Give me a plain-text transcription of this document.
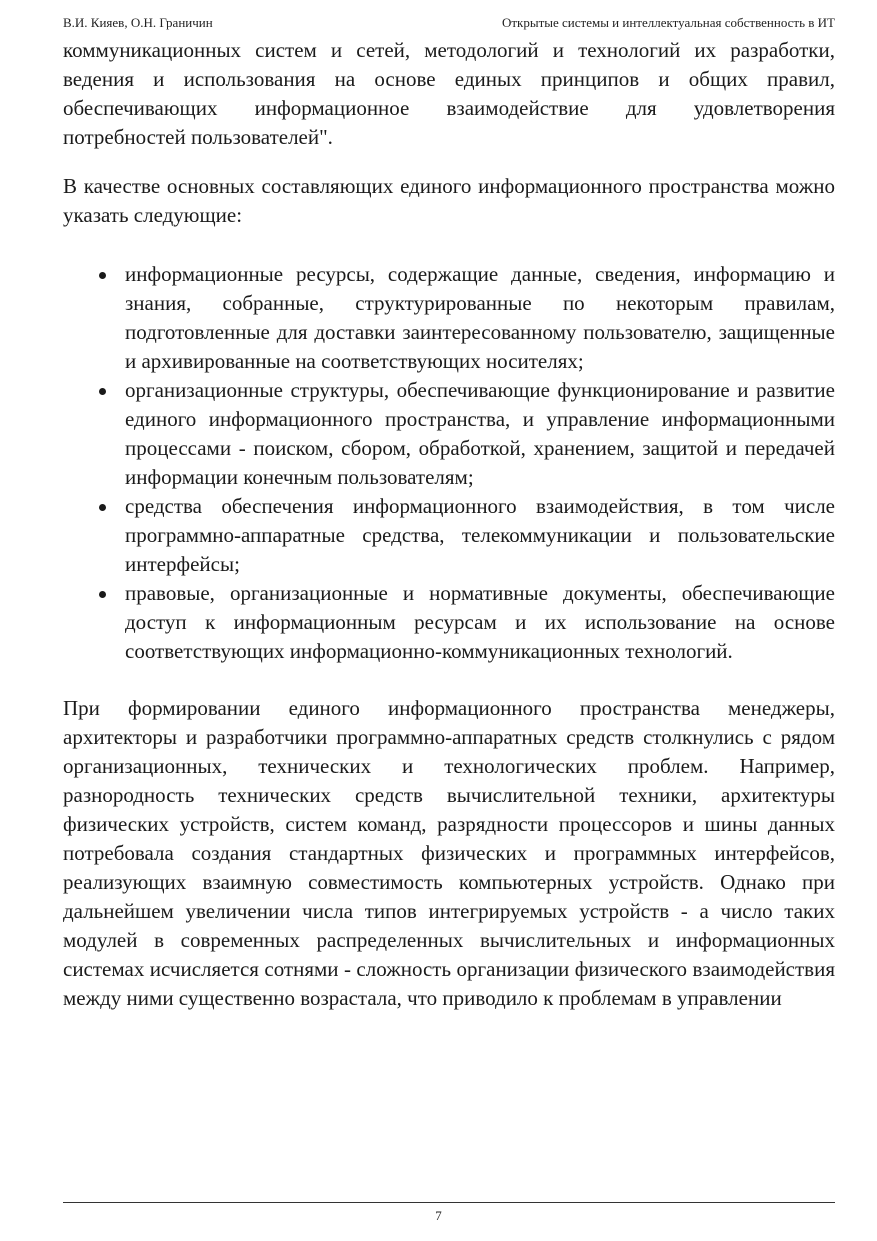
В.И. Кияев, О.Н. Граничин	Открытые системы и интеллектуальная собственность в ИТ

коммуникационных систем и сетей, методологий и технологий их разработки, ведения и использования на основе единых принципов и общих правил, обеспечивающих информационное взаимодействие для удовлетворения потребностей пользователей".

В качестве основных составляющих единого информационного пространства можно указать следующие:

информационные ресурсы, содержащие данные, сведения, информацию и знания, собранные, структурированные по некоторым правилам, подготовленные для доставки заинтересованному пользователю, защищенные и архивированные на соответствующих носителях;
организационные структуры, обеспечивающие функционирование и развитие единого информационного пространства, и управление информационными процессами - поиском, сбором, обработкой, хранением, защитой и передачей информации конечным пользователям;
средства обеспечения информационного взаимодействия, в том числе программно-аппаратные средства, телекоммуникации и пользовательские интерфейсы;
правовые, организационные и нормативные документы, обеспечивающие доступ к информационным ресурсам и их использование на основе соответствующих информационно-коммуникационных технологий.

При формировании единого информационного пространства менеджеры, архитекторы и разработчики программно-аппаратных средств столкнулись с рядом организационных, технических и технологических проблем. Например, разнородность технических средств вычислительной техники, архитектуры физических устройств, систем команд, разрядности процессоров и шины данных потребовала создания стандартных физических и программных интерфейсов, реализующих взаимную совместимость компьютерных устройств. Однако при дальнейшем увеличении числа типов интегрируемых устройств - а число таких модулей в современных распределенных вычислительных и информационных системах исчисляется сотнями - сложность организации физического взаимодействия между ними существенно возрастала, что приводило к проблемам в управлении

7
